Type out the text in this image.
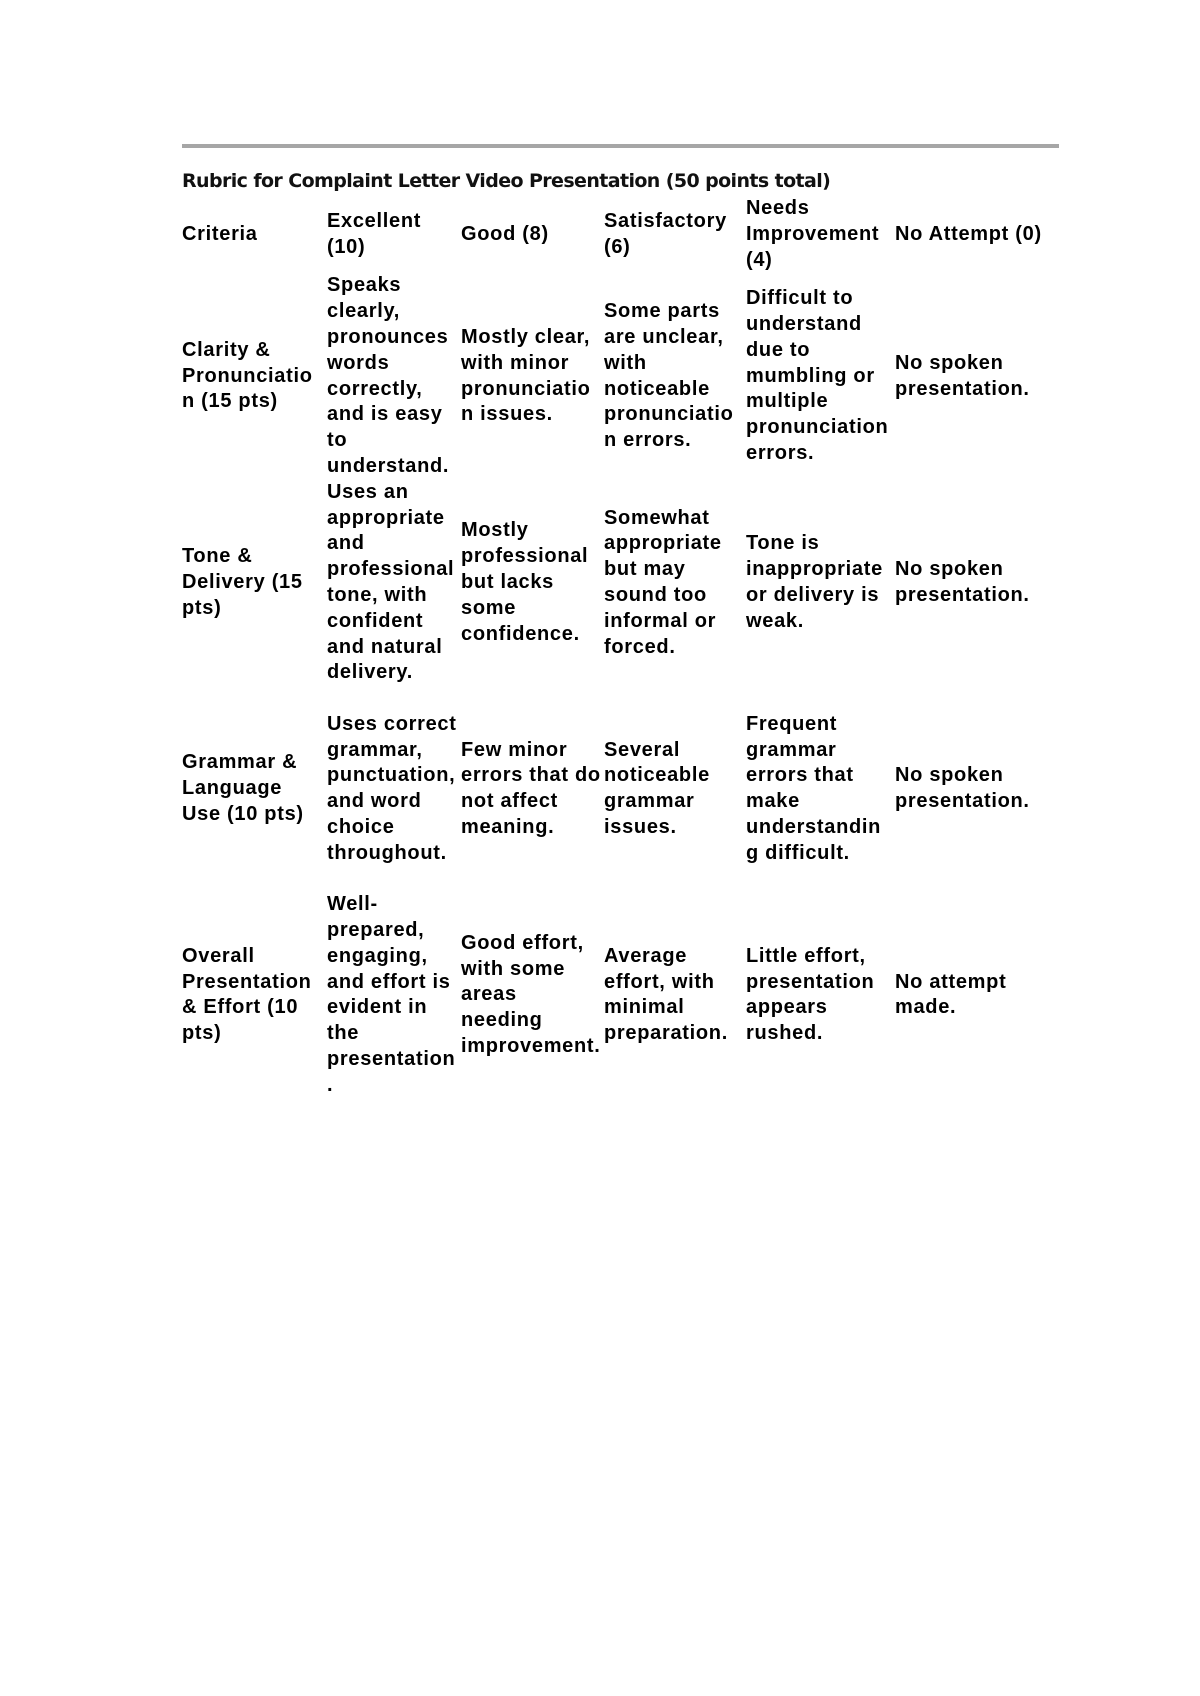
Rubric for Complaint Letter Video Presentation (50 points total)
Criteria	Excellent (10)	Good (8)	Satisfactory (6)	Needs Improvement (4)	No Attempt (0)
Clarity & Pronunciation (15 pts)	Speaks clearly, pronounces words correctly, and is easy to understand.	Mostly clear, with minor pronunciation issues.	Some parts are unclear, with noticeable pronunciation errors.	Difficult to understand due to mumbling or multiple pronunciation errors.	No spoken presentation.
Tone & Delivery (15 pts)	Uses an appropriate and professional tone, with confident and natural delivery.	Mostly professional but lacks some confidence.	Somewhat appropriate but may sound too informal or forced.	Tone is inappropriate or delivery is weak.	No spoken presentation.
Grammar & Language Use (10 pts)	Uses correct grammar, punctuation, and word choice throughout.	Few minor errors that do not affect meaning.	Several noticeable grammar issues.	Frequent grammar errors that make understanding difficult.	No spoken presentation.
Overall Presentation & Effort (10 pts)	Well-prepared, engaging, and effort is evident in the presentation.	Good effort, with some areas needing improvement.	Average effort, with minimal preparation.	Little effort, presentation appears rushed.	No attempt made.
